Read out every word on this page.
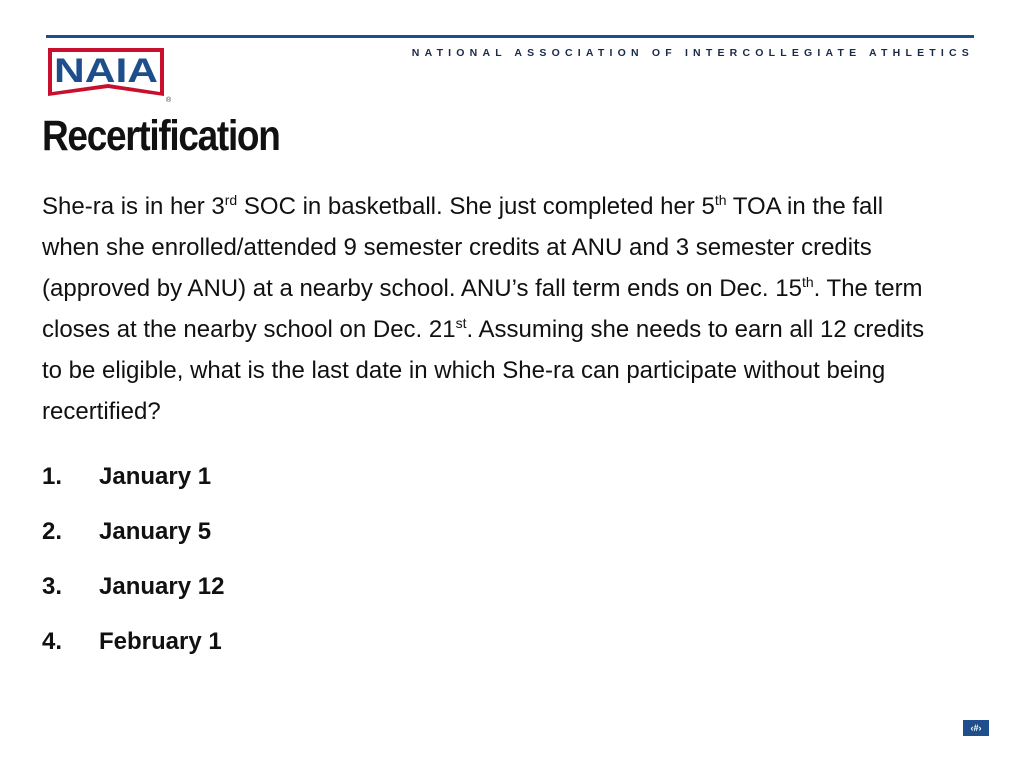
NAIA
®
NATIONAL ASSOCIATION OF INTERCOLLEGIATE ATHLETICS
Recertification

She-ra is in her 3rd SOC in basketball. She just completed her 5th TOA in the fall when she enrolled/attended 9 semester credits at ANU and 3 semester credits (approved by ANU) at a nearby school. ANU’s fall term ends on Dec. 15th. The term closes at the nearby school on Dec. 21st. Assuming she needs to earn all 12 credits to be eligible, what is the last date in which She-ra can participate without being recertified?

1.	January 1
2.	January 5
3.	January 12
4.	February 1
‹#›
